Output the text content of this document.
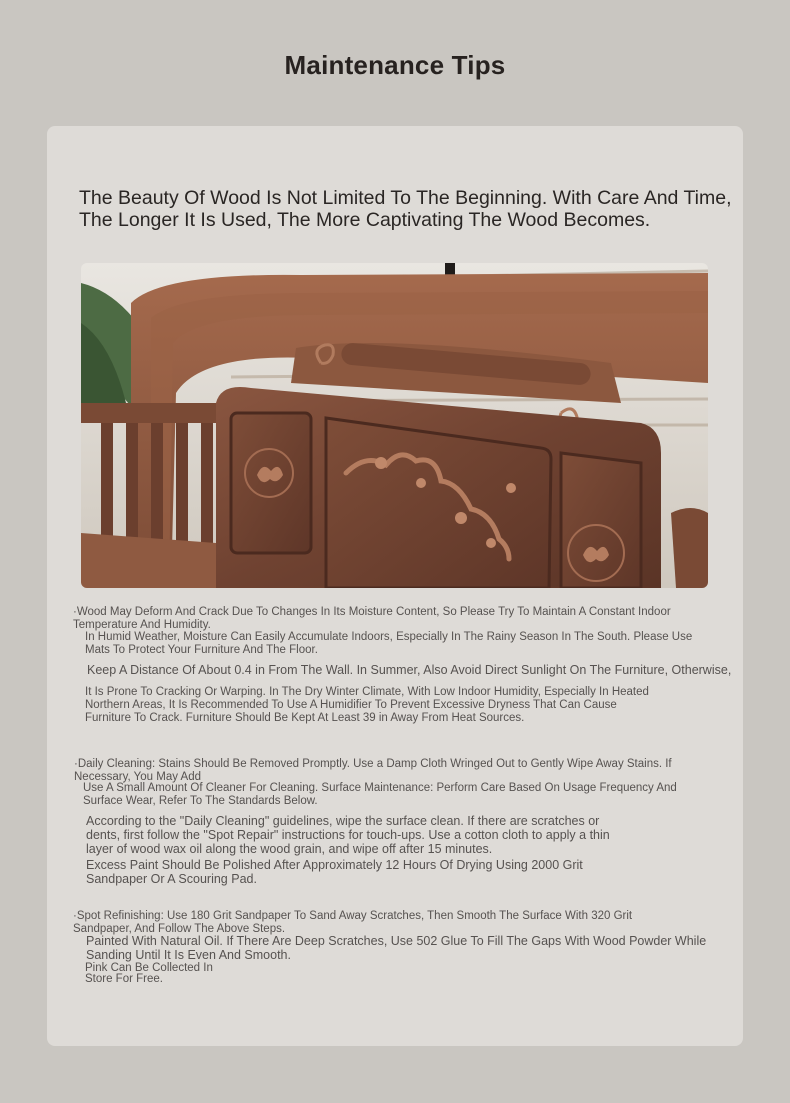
Maintenance Tips
The Beauty Of Wood Is Not Limited To The Beginning. With Care And Time, The Longer It Is Used, The More Captivating The Wood Becomes.

·Wood May Deform And Crack Due To Changes In Its Moisture Content, So Please Try To Maintain A Constant Indoor Temperature And Humidity.

In Humid Weather, Moisture Can Easily Accumulate Indoors, Especially In The Rainy Season In The South. Please Use Mats To Protect Your Furniture And The Floor.

Keep A Distance Of About 0.4 in From The Wall. In Summer, Also Avoid Direct Sunlight On The Furniture, Otherwise,

It Is Prone To Cracking Or Warping. In The Dry Winter Climate, With Low Indoor Humidity, Especially In Heated Northern Areas, It Is Recommended To Use A Humidifier To Prevent Excessive Dryness That Can Cause Furniture To Crack. Furniture Should Be Kept At Least 39 in Away From Heat Sources.

·Daily Cleaning: Stains Should Be Removed Promptly. Use a Damp Cloth Wringed Out to Gently Wipe Away Stains. If Necessary, You May Add

Use A Small Amount Of Cleaner For Cleaning. Surface Maintenance: Perform Care Based On Usage Frequency And Surface Wear, Refer To The Standards Below.

According to the "Daily Cleaning" guidelines, wipe the surface clean. If there are scratches or dents, first follow the "Spot Repair" instructions for touch-ups. Use a cotton cloth to apply a thin layer of wood wax oil along the wood grain, and wipe off after 15 minutes.

Excess Paint Should Be Polished After Approximately 12 Hours Of Drying Using 2000 Grit Sandpaper Or A Scouring Pad.

·Spot Refinishing: Use 180 Grit Sandpaper To Sand Away Scratches, Then Smooth The Surface With 320 Grit Sandpaper, And Follow The Above Steps.

Painted With Natural Oil. If There Are Deep Scratches, Use 502 Glue To Fill The Gaps With Wood Powder While Sanding Until It Is Even And Smooth.

Pink Can Be Collected In

Store For Free.
